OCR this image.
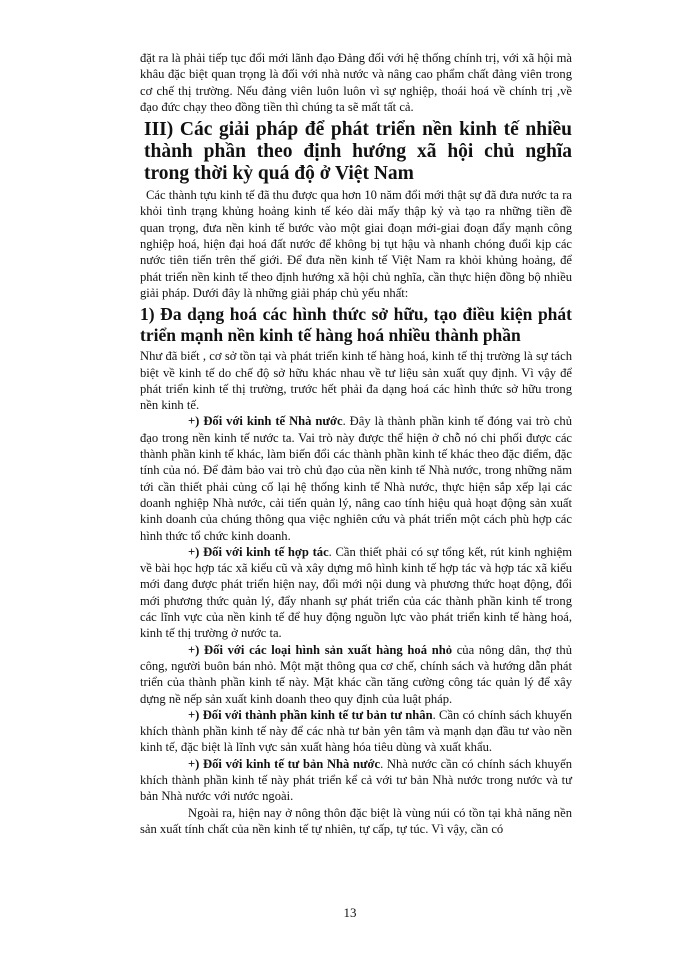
đặt ra là phải tiếp tục đổi mới lãnh đạo Đảng đối với hệ thống chính trị, với xã hội mà khâu đặc biệt quan trọng là đối với nhà nước và nâng cao phẩm chất đảng viên trong cơ chế thị trường. Nếu đảng viên luôn luôn vì sự nghiệp, thoái hoá về chính trị ,về đạo đức chạy theo đồng tiền thì chúng ta sẽ mất tất cả.

III) Các giải pháp để phát triển nền kinh tế nhiều thành phần theo định hướng xã hội chủ nghĩa trong thời kỳ quá độ ở Việt Nam

Các thành tựu kinh tế đã thu được qua hơn 10 năm đổi mới thật sự đã đưa nước ta ra khỏi tình trạng khủng hoảng kinh tế kéo dài mấy thập kỷ và tạo ra những tiền đề quan trọng, đưa nền kinh tế bước vào một giai đoạn mới-giai đoạn đẩy mạnh công nghiệp hoá, hiện đại hoá đất nước để không bị tụt hậu và nhanh chóng đuổi kịp các nước tiên tiến trên thế giới. Để đưa nền kinh tế Việt Nam ra khỏi khủng hoảng, để phát triển nền kinh tế theo định hướng xã hội chủ nghĩa, cần thực hiện đồng bộ nhiều giải pháp. Dưới đây là những giải pháp chủ yếu nhất:

1) Đa dạng hoá các hình thức sở hữu, tạo điều kiện phát triển mạnh nền kinh tế hàng hoá nhiều thành phần

Như đã biết , cơ sở tồn tại và phát triển kinh tế hàng hoá, kinh tế thị trường là sự tách biệt về kinh tế do chế độ sở hữu khác nhau về tư liệu sản xuất quy định. Vì vậy để phát triển kinh tế thị trường, trước hết phải đa dạng hoá các hình thức sở hữu trong nền kinh tế.

+) Đối với kinh tế Nhà nước. Đây là thành phần kinh tế đóng vai trò chủ đạo trong nền kinh tế nước ta. Vai trò này được thể hiện ở chỗ nó chi phối được các thành phần kinh tế khác, làm biến đổi các thành phần kinh tế khác theo đặc điểm, đặc tính của nó. Để đảm bảo vai trò chủ đạo của nền kinh tế Nhà nước, trong những năm tới cần thiết phải củng cố lại hệ thống kinh tế Nhà nước, thực hiện sắp xếp lại các doanh nghiệp Nhà nước, cải tiến quản lý, nâng cao tính hiệu quả hoạt động sản xuất kinh doanh của chúng thông qua việc nghiên cứu và phát triển một cách phù hợp các hình thức tổ chức kinh doanh.

+) Đối với kinh tế hợp tác. Cần thiết phải có sự tổng kết, rút kinh nghiệm về bài học hợp tác xã kiểu cũ và xây dựng mô hình kinh tế hợp tác và hợp tác xã kiểu mới đang được phát triển hiện nay, đổi mới nội dung và phương thức hoạt động, đổi mới phương thức quản lý, đẩy nhanh sự phát triển của các thành phần kinh tế trong các lĩnh vực của nền kinh tế để huy động nguồn lực vào phát triển kinh tế hàng hoá, kinh tế thị trường ở nước ta.

+) Đối với các loại hình sản xuất hàng hoá nhỏ của nông dân, thợ thủ công, người buôn bán nhỏ. Một mặt thông qua cơ chế, chính sách và hướng dẫn phát triển của thành phần kinh tế này. Mặt khác cần tăng cường công tác quản lý để xây dựng nề nếp sản xuất kinh doanh theo quy định của luật pháp.

+) Đối với thành phần kinh tế tư bản tư nhân. Cần có chính sách khuyến khích thành phần kinh tế này để các nhà tư bản yên tâm và mạnh dạn đầu tư vào nền kinh tế, đặc biệt là lĩnh vực sản xuất hàng hóa tiêu dùng và xuất khẩu.

+) Đối với kinh tế tư bản Nhà nước. Nhà nước cần có chính sách khuyến khích thành phần kinh tế này phát triển kể cả với tư bản Nhà nước trong nước và tư bản Nhà nước với nước ngoài.

Ngoài ra, hiện nay ở nông thôn đặc biệt là vùng núi có tồn tại khả năng nền sản xuất tính chất của nền kinh tế tự nhiên, tự cấp, tự túc. Vì vậy, cần có

13
